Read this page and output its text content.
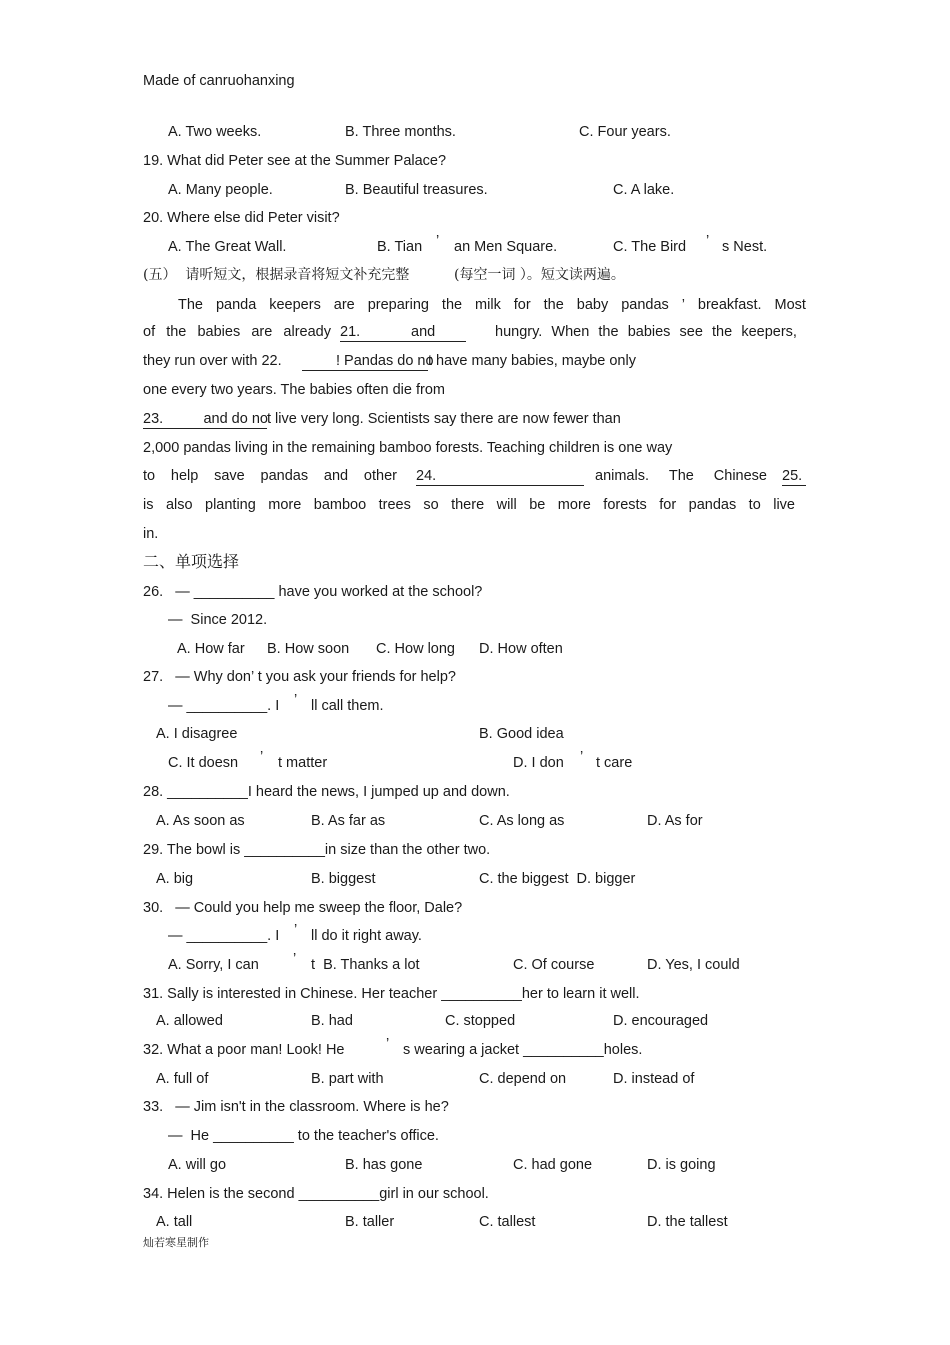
Made of canruohanxing
A. Two weeks.	B. Three months.	C. Four years.
19. What did Peter see at the Summer Palace?
A. Many people.	B. Beautiful treasures.	C. A lake.
20. Where else did Peter visit?
A. The Great Wall.	B. Tian ’ an Men Square.	C. The Bird ’ s Nest.
(五）  请听短文，根据录音将短文补充完整	(每空一词 ）。短文读两遍。
The panda keepers are preparing the milk for the baby pandas ’ breakfast. Most
of the babies are already 21.	and	hungry. When the babies see the keepers,
they run over with 22.	! Pandas do no
t have many babies, maybe only
one every two years. The babies often die from
23.          and do no t live very long. Scientists say there are now fewer than
2,000 pandas living in the remaining bamboo forests. Teaching children is one way
to help save pandas and other 24.	animals. The Chinese 25.
is also planting more bamboo trees so there will be more forests for pandas to live
in.
二、单项选择
26.   — __________ have you worked at the school?
—  Since 2012.
A. How far B. How soon C. How long D. How often
27.   — Why don’ t you ask your friends for help?
— __________. I ’ ll call them.
A. I disagree	B. Good idea
C. It doesn ’ t matter	D. I don ’ t care
28. __________I heard the news, I jumped up and down.
A. As soon as	B. As far as	C. As long as	D. As for
29. The bowl is __________in size than the other two.
A. big	B. biggest	C. the biggest  D. bigger
30.   — Could you help me sweep the floor, Dale?
— __________. I ’ ll do it right away.
A. Sorry, I can ’ t  B. Thanks a lot	C. Of course	D. Yes, I could
31. Sally is interested in Chinese. Her teacher __________her to learn it well.
A. allowed	B. had	C. stopped	D. encouraged
32. What a poor man! Look! He	’ s wearing a jacket __________holes.
A. full of	B. part with	C. depend on	D. instead of
33.   — Jim isn't in the classroom. Where is he?
—  He __________ to the teacher's office.
A. will go	B. has gone	C. had gone	D. is going
34. Helen is the second __________girl in our school.
A. tall	B. taller	C. tallest	D. the tallest
灿若寒星制作
